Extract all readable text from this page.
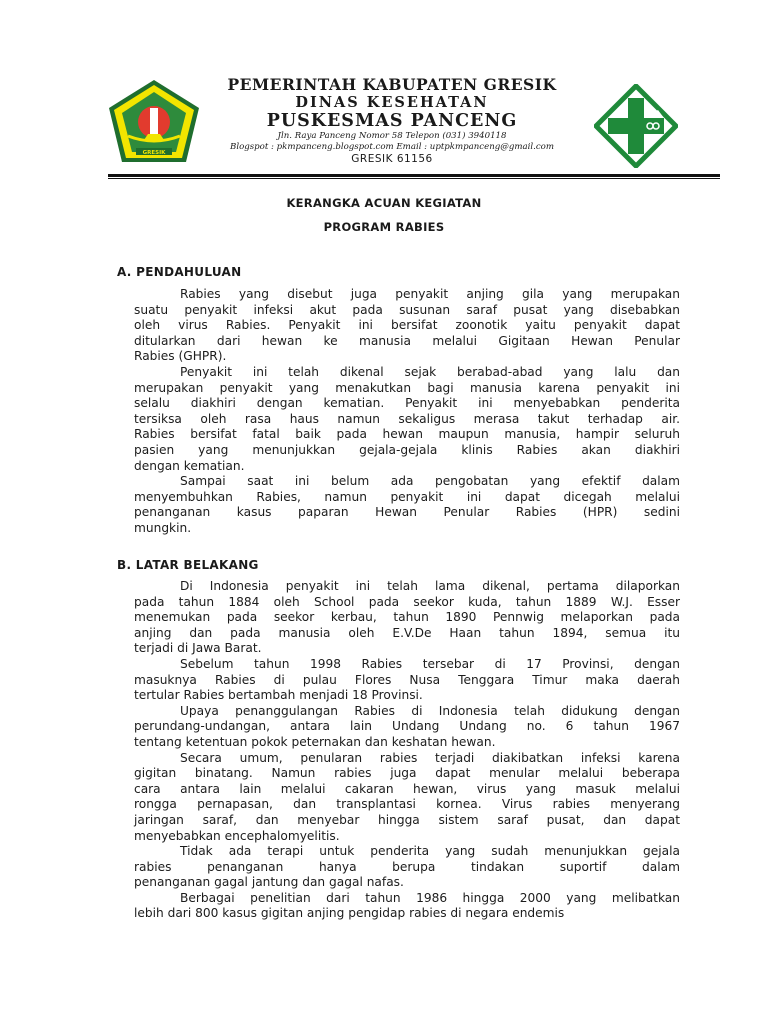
GRESIK
PEMERINTAH KABUPATEN GRESIK
DINAS KESEHATAN
PUSKESMAS PANCENG
Jln. Raya Panceng Nomor 58 Telepon (031) 3940118
Blogspot : pkmpanceng.blogspot.com Email : uptpkmpanceng@gmail.com
GRESIK 61156
KERANGKA ACUAN KEGIATAN
PROGRAM RABIES
A. PENDAHULUAN
Rabies yang disebut juga penyakit anjing gila yang merupakan
suatu penyakit infeksi akut pada susunan saraf pusat yang disebabkan
oleh virus Rabies. Penyakit ini bersifat zoonotik yaitu penyakit dapat
ditularkan dari hewan ke manusia melalui Gigitaan Hewan Penular
Rabies (GHPR).
Penyakit ini telah dikenal sejak berabad-abad yang lalu dan
merupakan penyakit yang menakutkan bagi manusia karena penyakit ini
selalu diakhiri dengan kematian. Penyakit ini menyebabkan penderita
tersiksa oleh rasa haus namun sekaligus merasa takut terhadap air.
Rabies bersifat fatal baik pada hewan maupun manusia, hampir seluruh
pasien yang menunjukkan gejala-gejala klinis Rabies akan diakhiri
dengan kematian.
Sampai saat ini belum ada pengobatan yang efektif dalam
menyembuhkan Rabies, namun penyakit ini dapat dicegah melalui
penanganan kasus paparan Hewan Penular Rabies (HPR) sedini
mungkin.
B. LATAR BELAKANG
Di Indonesia penyakit ini telah lama dikenal, pertama dilaporkan
pada tahun 1884 oleh School pada seekor kuda, tahun 1889 W.J. Esser
menemukan pada seekor kerbau, tahun 1890 Pennwig melaporkan pada
anjing dan pada manusia oleh E.V.De Haan tahun 1894, semua itu
terjadi di Jawa Barat.
Sebelum tahun 1998 Rabies tersebar di 17 Provinsi, dengan
masuknya Rabies di pulau Flores Nusa Tenggara Timur maka daerah
tertular Rabies bertambah menjadi 18 Provinsi.
Upaya penanggulangan Rabies di Indonesia telah didukung dengan
perundang-undangan, antara lain Undang Undang no. 6 tahun 1967
tentang ketentuan pokok peternakan dan keshatan hewan.
Secara umum, penularan rabies terjadi diakibatkan infeksi karena
gigitan binatang. Namun rabies juga dapat menular melalui beberapa
cara antara lain melalui cakaran hewan, virus yang masuk melalui
rongga pernapasan, dan transplantasi kornea. Virus rabies menyerang
jaringan saraf, dan menyebar hingga sistem saraf pusat, dan dapat
menyebabkan encephalomyelitis.
Tidak ada terapi untuk penderita yang sudah menunjukkan gejala
rabies penanganan hanya berupa tindakan suportif dalam
penanganan gagal jantung dan gagal nafas.
Berbagai penelitian dari tahun 1986 hingga 2000 yang melibatkan
lebih dari 800 kasus gigitan anjing pengidap rabies di negara endemis
